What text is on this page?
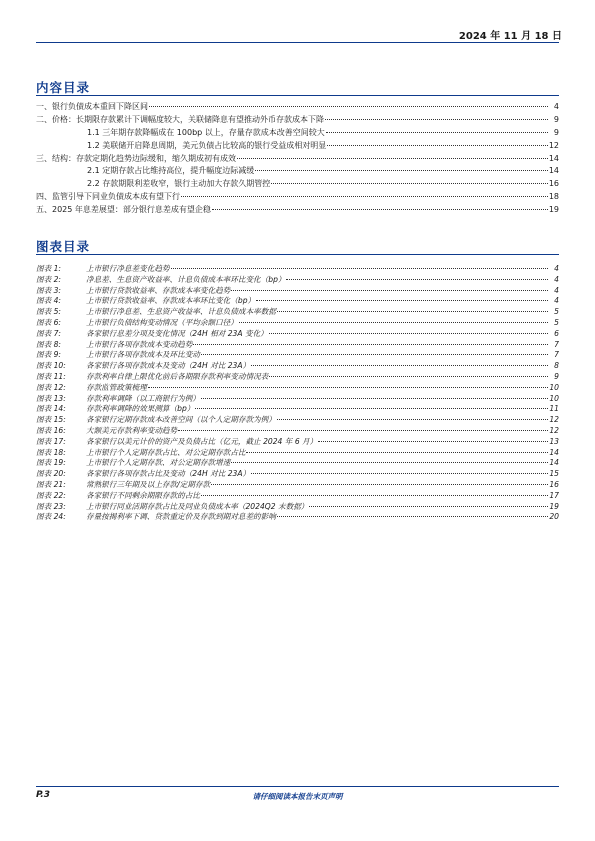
2024 年 11 月 18 日
内容目录
一、银行负债成本重回下降区间	4
二、价格：长期限存款累计下调幅度较大，关联储降息有望推动外币存款成本下降	9
1.1 三年期存款降幅成在 100bp 以上，存量存款成本改善空间较大	9
1.2 美联储开启降息周期，美元负债占比较高的银行受益成相对明显	12
三、结构：存款定期化趋势边际缓和，缩久期成初有成效	14
2.1 定期存款占比维持高位，提升幅度边际减缓	14
2.2 存款期限利差收窄，银行主动加大存款久期管控	16
四、监管引导下同业负债成本成有望下行	18
五、2025 年息差展望：部分银行息差成有望企稳	19
图表目录
图表 1:	上市银行净息差变化趋势	4
图表 2:	净息差、生息资产收益率、计息负债成本率环比变化（bp）	4
图表 3:	上市银行贷款收益率、存款成本率变化趋势	4
图表 4:	上市银行贷款收益率、存款成本率环比变化（bp）	4
图表 5:	上市银行净息差、生息资产收益率、计息负债成本率数据	5
图表 6:	上市银行负债结构变动情况（平均余额口径）	5
图表 7:	各家银行息差分项及变化情况（24H 相对 23A 变化）	6
图表 8:	上市银行各项存款成本变动趋势	7
图表 9:	上市银行各项存款成本及环比变动	7
图表 10:	各家银行各项存款成本及变动（24H 对比 23A）	8
图表 11:	存款利率自律上限优化前后各期限存款利率变动情况表	9
图表 12:	存款监管政策梳理	10
图表 13:	存款利率调降（以工商银行为例）	10
图表 14:	存款利率调降的效果测算（bp）	11
图表 15:	各家银行定期存款成本改善空间（以个人定期存款为例）	12
图表 16:	大额美元存款利率变动趋势	12
图表 17:	各家银行以美元计价的资产及负债占比（亿元，截止 2024 年 6 月）	13
图表 18:	上市银行个人定期存款占比、对公定期存款占比	14
图表 19:	上市银行个人定期存款、对公定期存款增速	14
图表 20:	各家银行各项存款占比及变动（24H 对比 23A）	15
图表 21:	常熟银行三年期及以上存款/定期存款	16
图表 22:	各家银行不同剩余期限存款的占比	17
图表 23:	上市银行同业活期存款占比及同业负债成本率（2024Q2 末数据）	19
图表 24:	存量按揭利率下调、贷款重定价及存款到期对息差的影响	20
P.3	请仔细阅读本报告末页声明
